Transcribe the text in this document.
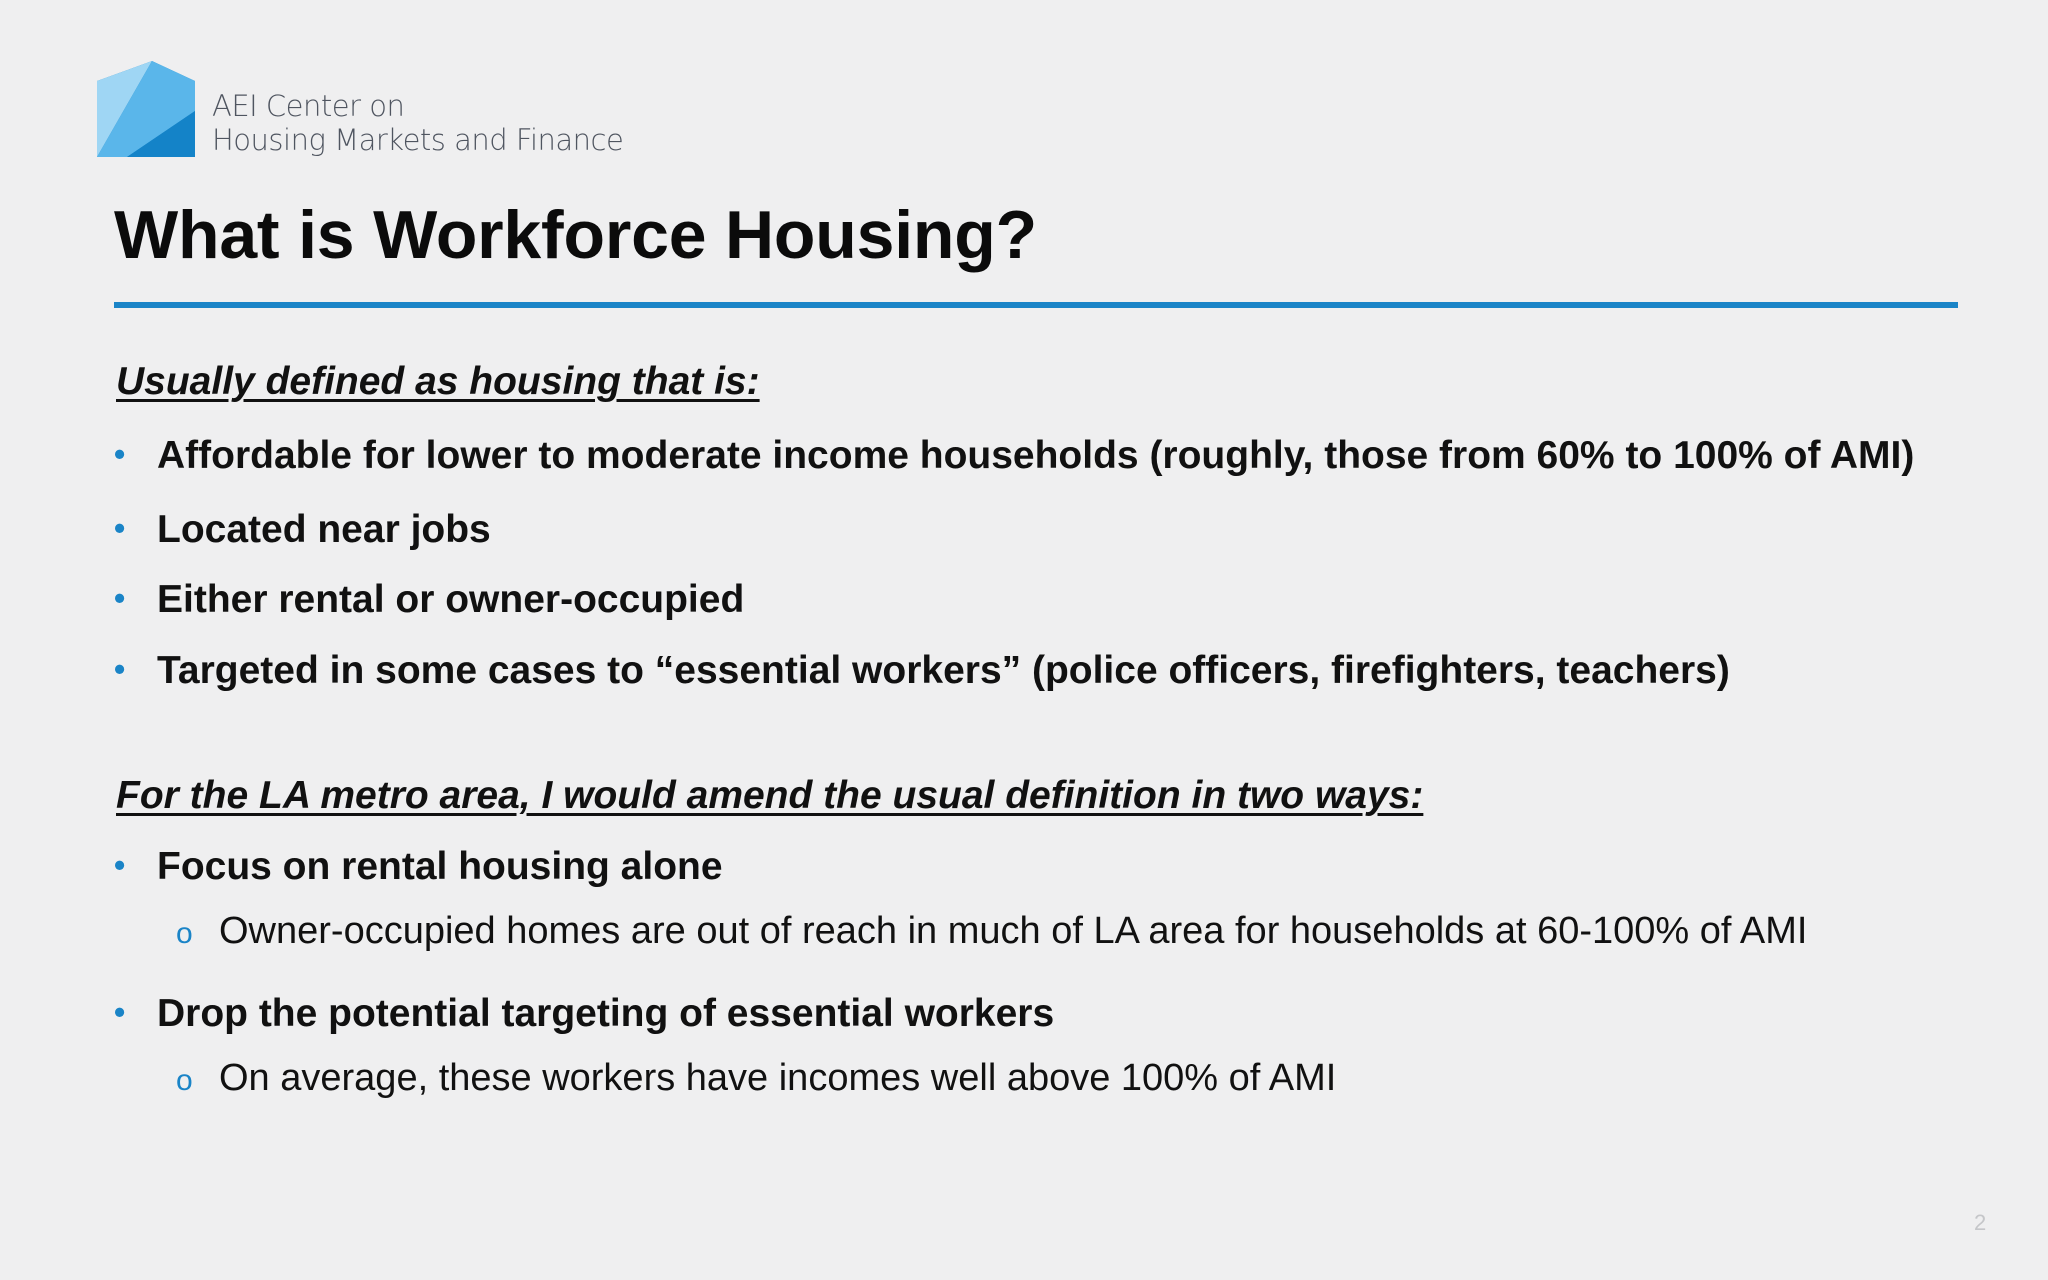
AEI Center on
Housing Markets and Finance
What is Workforce Housing?
Usually defined as housing that is:
• Affordable for lower to moderate income households (roughly, those from 60% to 100% of AMI)
• Located near jobs
• Either rental or owner-occupied
• Targeted in some cases to “essential workers” (police officers, firefighters, teachers)
For the LA metro area, I would amend the usual definition in two ways:
• Focus on rental housing alone
o Owner-occupied homes are out of reach in much of LA area for households at 60-100% of AMI
• Drop the potential targeting of essential workers
o On average, these workers have incomes well above 100% of AMI
2
